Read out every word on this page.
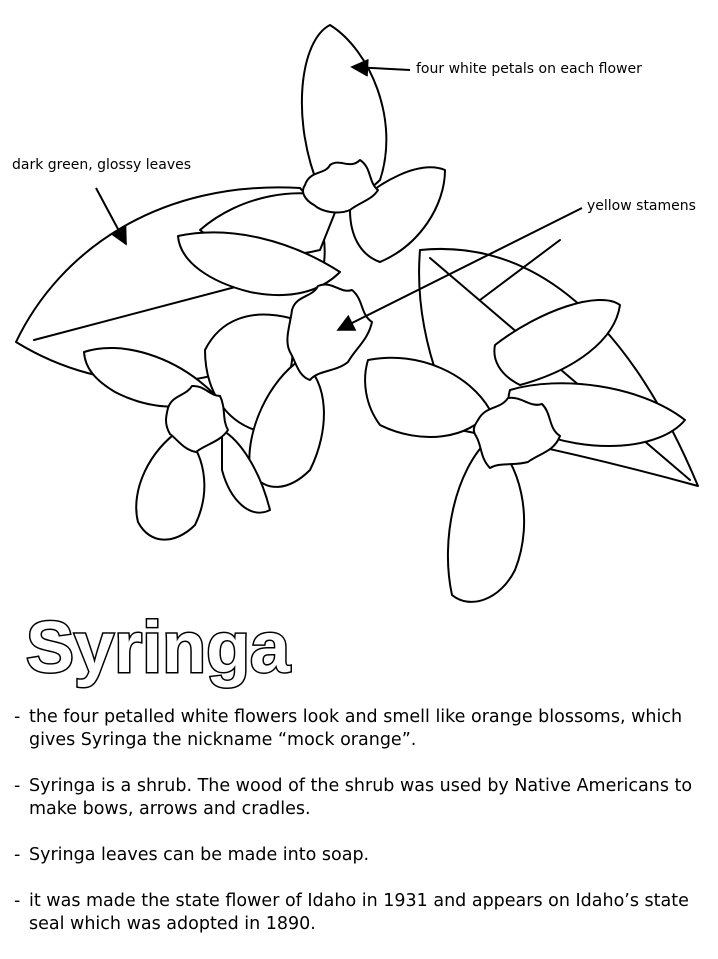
four white petals on each flower
dark green, glossy leaves
yellow stamens
Syringa
- the four petalled white flowers look and smell like orange blossoms, which gives Syringa the nickname “mock orange”.
- Syringa is a shrub. The wood of the shrub was used by Native Americans to make bows, arrows and cradles.
- Syringa leaves can be made into soap.
- it was made the state flower of Idaho in 1931 and appears on Idaho’s state seal which was adopted in 1890.
